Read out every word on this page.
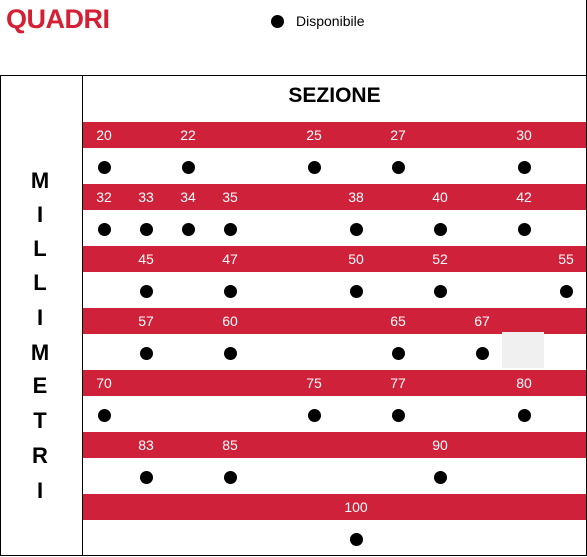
QUADRI	Disponibile
M
I
L
L
I
M
E
T
R
I
SEZIONE
20	22	25	27	30
32	33	34	35	38	40	42
45	47	50	52	55
57	60	65	67
70	75	77	80
83	85	90
100
